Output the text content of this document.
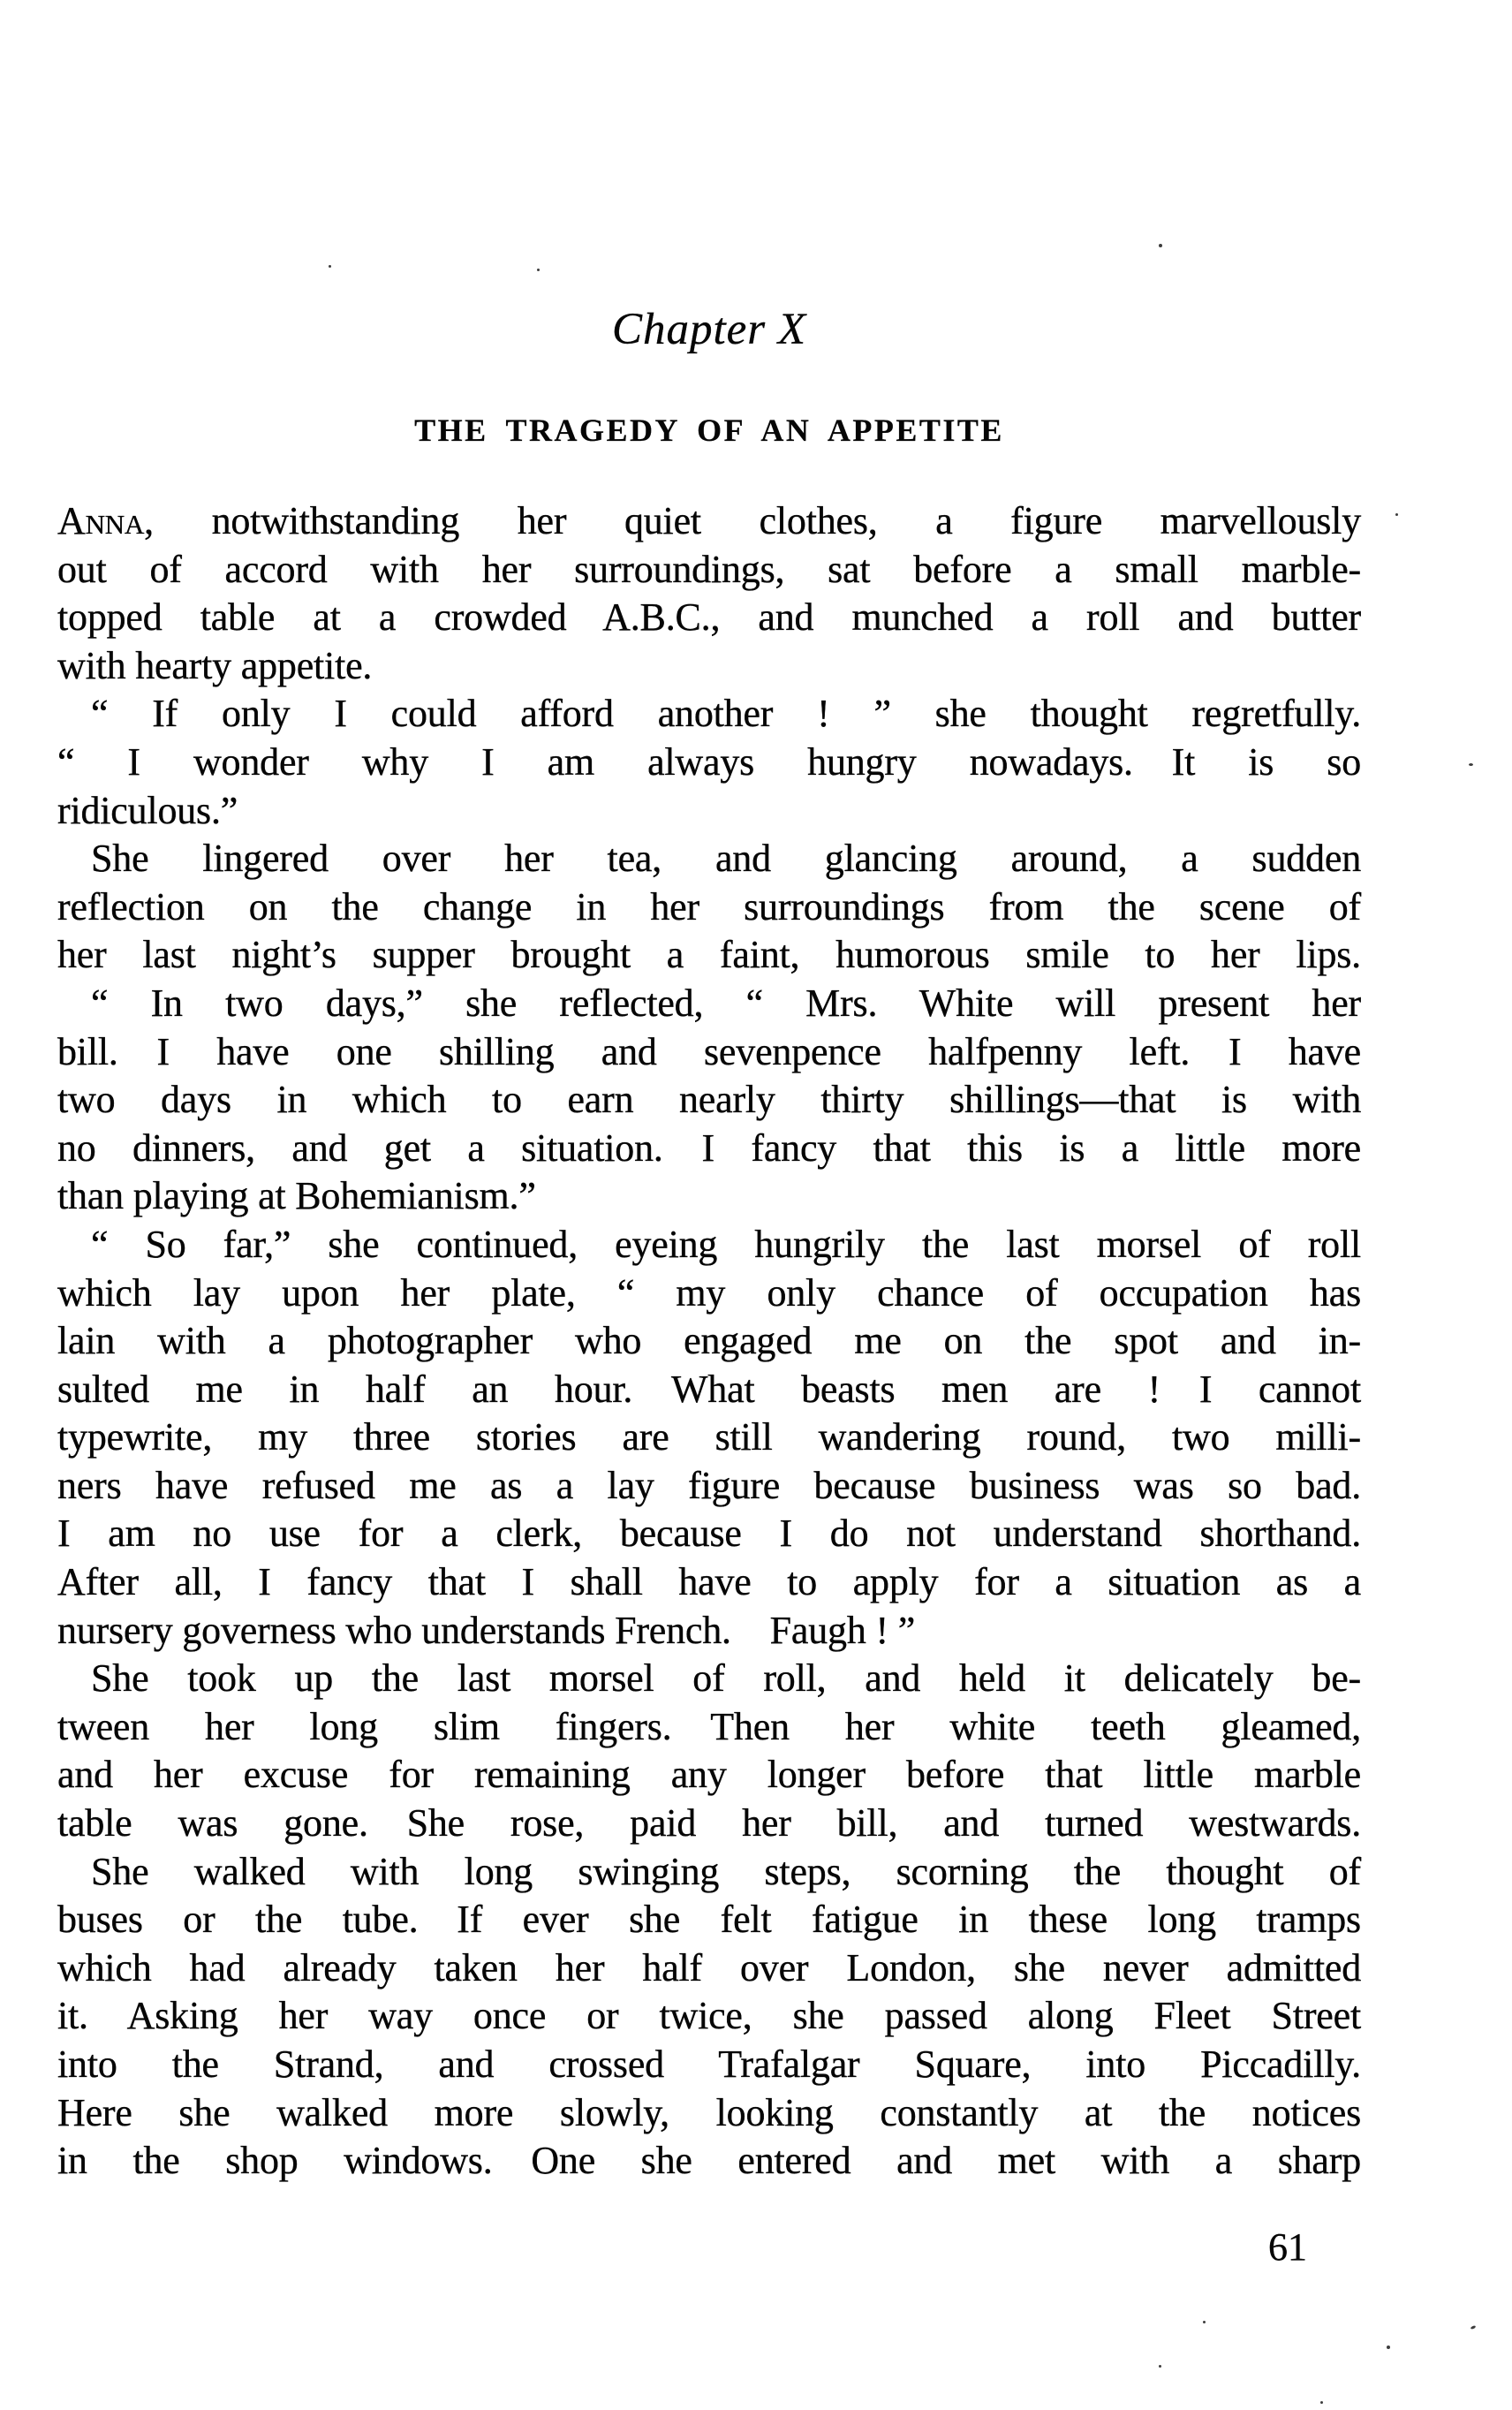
Chapter X
THE TRAGEDY OF AN APPETITE
Anna, notwithstanding her quiet clothes, a figure marvellously
out of accord with her surroundings, sat before a small marble-
topped table at a crowded A.B.C., and munched a roll and butter
with hearty appetite.
“ If only I could afford another ! ” she thought regretfully.
“ I wonder why I am always hungry nowadays. It is so
ridiculous.”
She lingered over her tea, and glancing around, a sudden
reflection on the change in her surroundings from the scene of
her last night’s supper brought a faint, humorous smile to her lips.
“ In two days,” she reflected, “ Mrs. White will present her
bill. I have one shilling and sevenpence halfpenny left. I have
two days in which to earn nearly thirty shillings—that is with
no dinners, and get a situation. I fancy that this is a little more
than playing at Bohemianism.”
“ So far,” she continued, eyeing hungrily the last morsel of roll
which lay upon her plate, “ my only chance of occupation has
lain with a photographer who engaged me on the spot and in-
sulted me in half an hour. What beasts men are ! I cannot
typewrite, my three stories are still wandering round, two milli-
ners have refused me as a lay figure because business was so bad.
I am no use for a clerk, because I do not understand shorthand.
After all, I fancy that I shall have to apply for a situation as a
nursery governess who understands French. Faugh ! ”
She took up the last morsel of roll, and held it delicately be-
tween her long slim fingers. Then her white teeth gleamed,
and her excuse for remaining any longer before that little marble
table was gone. She rose, paid her bill, and turned westwards.
She walked with long swinging steps, scorning the thought of
buses or the tube. If ever she felt fatigue in these long tramps
which had already taken her half over London, she never admitted
it. Asking her way once or twice, she passed along Fleet Street
into the Strand, and crossed Trafalgar Square, into Piccadilly.
Here she walked more slowly, looking constantly at the notices
in the shop windows. One she entered and met with a sharp
61
